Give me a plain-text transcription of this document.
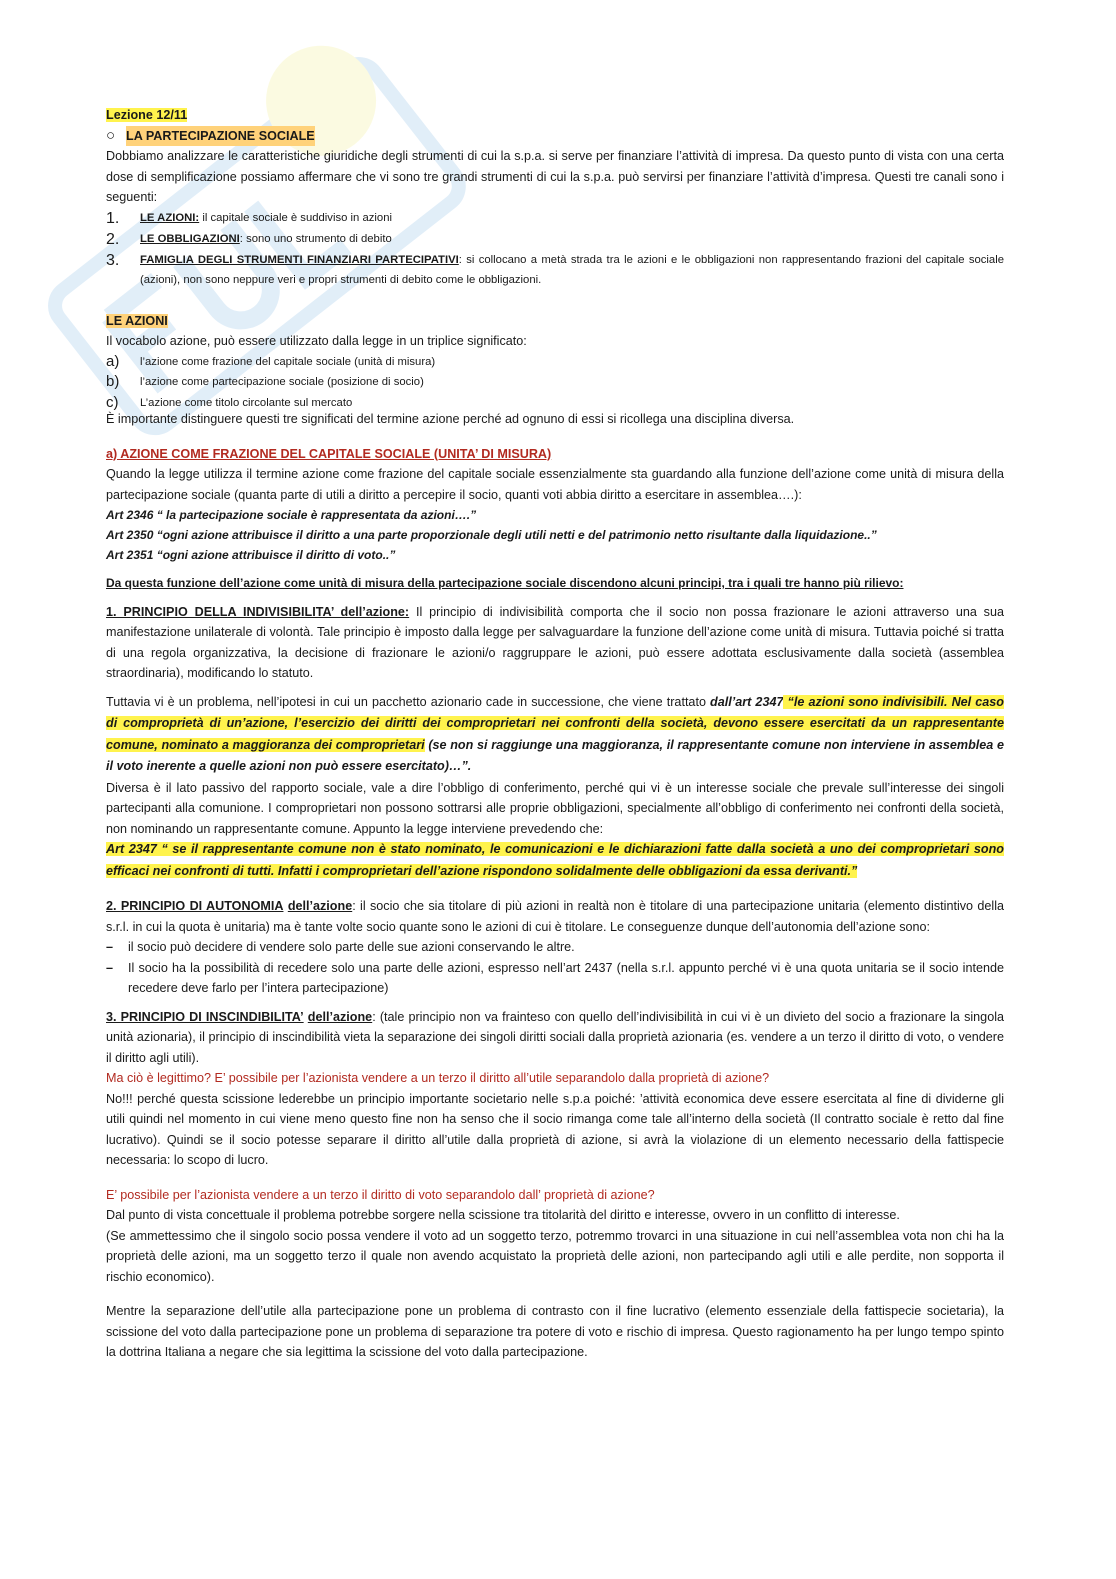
Lezione 12/11

○ LA PARTECIPAZIONE SOCIALE

Dobbiamo analizzare le caratteristiche giuridiche degli strumenti di cui la s.p.a. si serve per finanziare l’attività di impresa. Da questo punto di vista con una certa dose di semplificazione possiamo affermare che vi sono tre grandi strumenti di cui la s.p.a. può servirsi per finanziare l’attività d’impresa. Questi tre canali sono i seguenti:

1.	LE AZIONI: il capitale sociale è suddiviso in azioni
2.	LE OBBLIGAZIONI: sono uno strumento di debito
3.	FAMIGLIA DEGLI STRUMENTI FINANZIARI PARTECIPATIVI: si collocano a metà strada tra le azioni e le obbligazioni non rappresentando frazioni del capitale sociale (azioni), non sono neppure veri e propri strumenti di debito come le obbligazioni.

LE AZIONI

Il vocabolo azione, può essere utilizzato dalla legge in un triplice significato:

a)	l’azione come frazione del capitale sociale (unità di misura)
b)	l’azione come partecipazione sociale (posizione di socio)
c)	L’azione come titolo circolante sul mercato

È importante distinguere questi tre significati del termine azione perché ad ognuno di essi si ricollega una disciplina diversa.

a) AZIONE COME FRAZIONE DEL CAPITALE SOCIALE (UNITA’ DI MISURA)

Quando la legge utilizza il termine azione come frazione del capitale sociale essenzialmente sta guardando alla funzione dell’azione come unità di misura della partecipazione sociale (quanta parte di utili a diritto a percepire il socio, quanti voti abbia diritto a esercitare in assemblea….):

Art 2346 “ la partecipazione sociale è rappresentata da azioni….”

Art 2350 “ogni azione attribuisce il diritto a una parte proporzionale degli utili netti e del patrimonio netto risultante dalla liquidazione..”

Art 2351 “ogni azione attribuisce il diritto di voto..”

Da questa funzione dell’azione come unità di misura della partecipazione sociale discendono alcuni principi, tra i quali tre hanno più rilievo:

1. PRINCIPIO DELLA INDIVISIBILITA’ dell’azione: Il principio di indivisibilità comporta che il socio non possa frazionare le azioni attraverso una sua manifestazione unilaterale di volontà. Tale principio è imposto dalla legge per salvaguardare la funzione dell’azione come unità di misura. Tuttavia poiché si tratta di una regola organizzativa, la decisione di frazionare le azioni/o raggruppare le azioni, può essere adottata esclusivamente dalla società (assemblea straordinaria), modificando lo statuto.

Tuttavia vi è un problema, nell’ipotesi in cui un pacchetto azionario cade in successione, che viene trattato dall’art 2347 “le azioni sono indivisibili. Nel caso di comproprietà di un’azione, l’esercizio dei diritti dei comproprietari nei confronti della società, devono essere esercitati da un rappresentante comune, nominato a maggioranza dei comproprietari (se non si raggiunge una maggioranza, il rappresentante comune non interviene in assemblea e il voto inerente a quelle azioni non può essere esercitato)…”.

Diversa è il lato passivo del rapporto sociale, vale a dire l’obbligo di conferimento, perché qui vi è un interesse sociale che prevale sull’interesse dei singoli partecipanti alla comunione. I comproprietari non possono sottrarsi alle proprie obbligazioni, specialmente all’obbligo di conferimento nei confronti della società, non nominando un rappresentante comune. Appunto la legge interviene prevedendo che:

Art 2347 “ se il rappresentante comune non è stato nominato, le comunicazioni e le dichiarazioni fatte dalla società a uno dei comproprietari sono efficaci nei confronti di tutti. Infatti i comproprietari dell’azione rispondono solidalmente delle obbligazioni da essa derivanti.”

2. PRINCIPIO DI AUTONOMIA dell’azione: il socio che sia titolare di più azioni in realtà non è titolare di una partecipazione unitaria (elemento distintivo della s.r.l. in cui la quota è unitaria) ma è tante volte socio quante sono le azioni di cui è titolare. Le conseguenze dunque dell’autonomia dell’azione sono:

–	il socio può decidere di vendere solo parte delle sue azioni conservando le altre.

–	Il socio ha la possibilità di recedere solo una parte delle azioni, espresso nell’art 2437 (nella s.r.l. appunto perché vi è una quota unitaria se il socio intende recedere deve farlo per l’intera partecipazione)

3. PRINCIPIO DI INSCINDIBILITA’ dell’azione: (tale principio non va frainteso con quello dell’indivisibilità in cui vi è un divieto del socio a frazionare la singola unità azionaria), il principio di inscindibilità vieta la separazione dei singoli diritti sociali dalla proprietà azionaria (es. vendere a un terzo il diritto di voto, o vendere il diritto agli utili).

Ma ciò è legittimo? E’ possibile per l’azionista vendere a un terzo il diritto all’utile separandolo dalla proprietà di azione?

No!!! perché questa scissione lederebbe un principio importante societario nelle s.p.a poiché: ’attività economica deve essere esercitata al fine di dividerne gli utili quindi nel momento in cui viene meno questo fine non ha senso che il socio rimanga come tale all’interno della società (Il contratto sociale è retto dal fine lucrativo). Quindi se il socio potesse separare il diritto all’utile dalla proprietà di azione, si avrà la violazione di un elemento necessario della fattispecie necessaria: lo scopo di lucro.

E’ possibile per l’azionista vendere a un terzo il diritto di voto separandolo dall’ proprietà di azione?

Dal punto di vista concettuale il problema potrebbe sorgere nella scissione tra titolarità del diritto e interesse, ovvero in un conflitto di interesse.

(Se ammettessimo che il singolo socio possa vendere il voto ad un soggetto terzo, potremmo trovarci in una situazione in cui nell’assemblea vota non chi ha la proprietà delle azioni, ma un soggetto terzo il quale non avendo acquistato la proprietà delle azioni, non partecipando agli utili e alle perdite, non sopporta il rischio economico).

Mentre la separazione dell’utile alla partecipazione pone un problema di contrasto con il fine lucrativo (elemento essenziale della fattispecie societaria), la scissione del voto dalla partecipazione pone un problema di separazione tra potere di voto e rischio di impresa. Questo ragionamento ha per lungo tempo spinto la dottrina Italiana a negare che sia legittima la scissione del voto dalla partecipazione.
